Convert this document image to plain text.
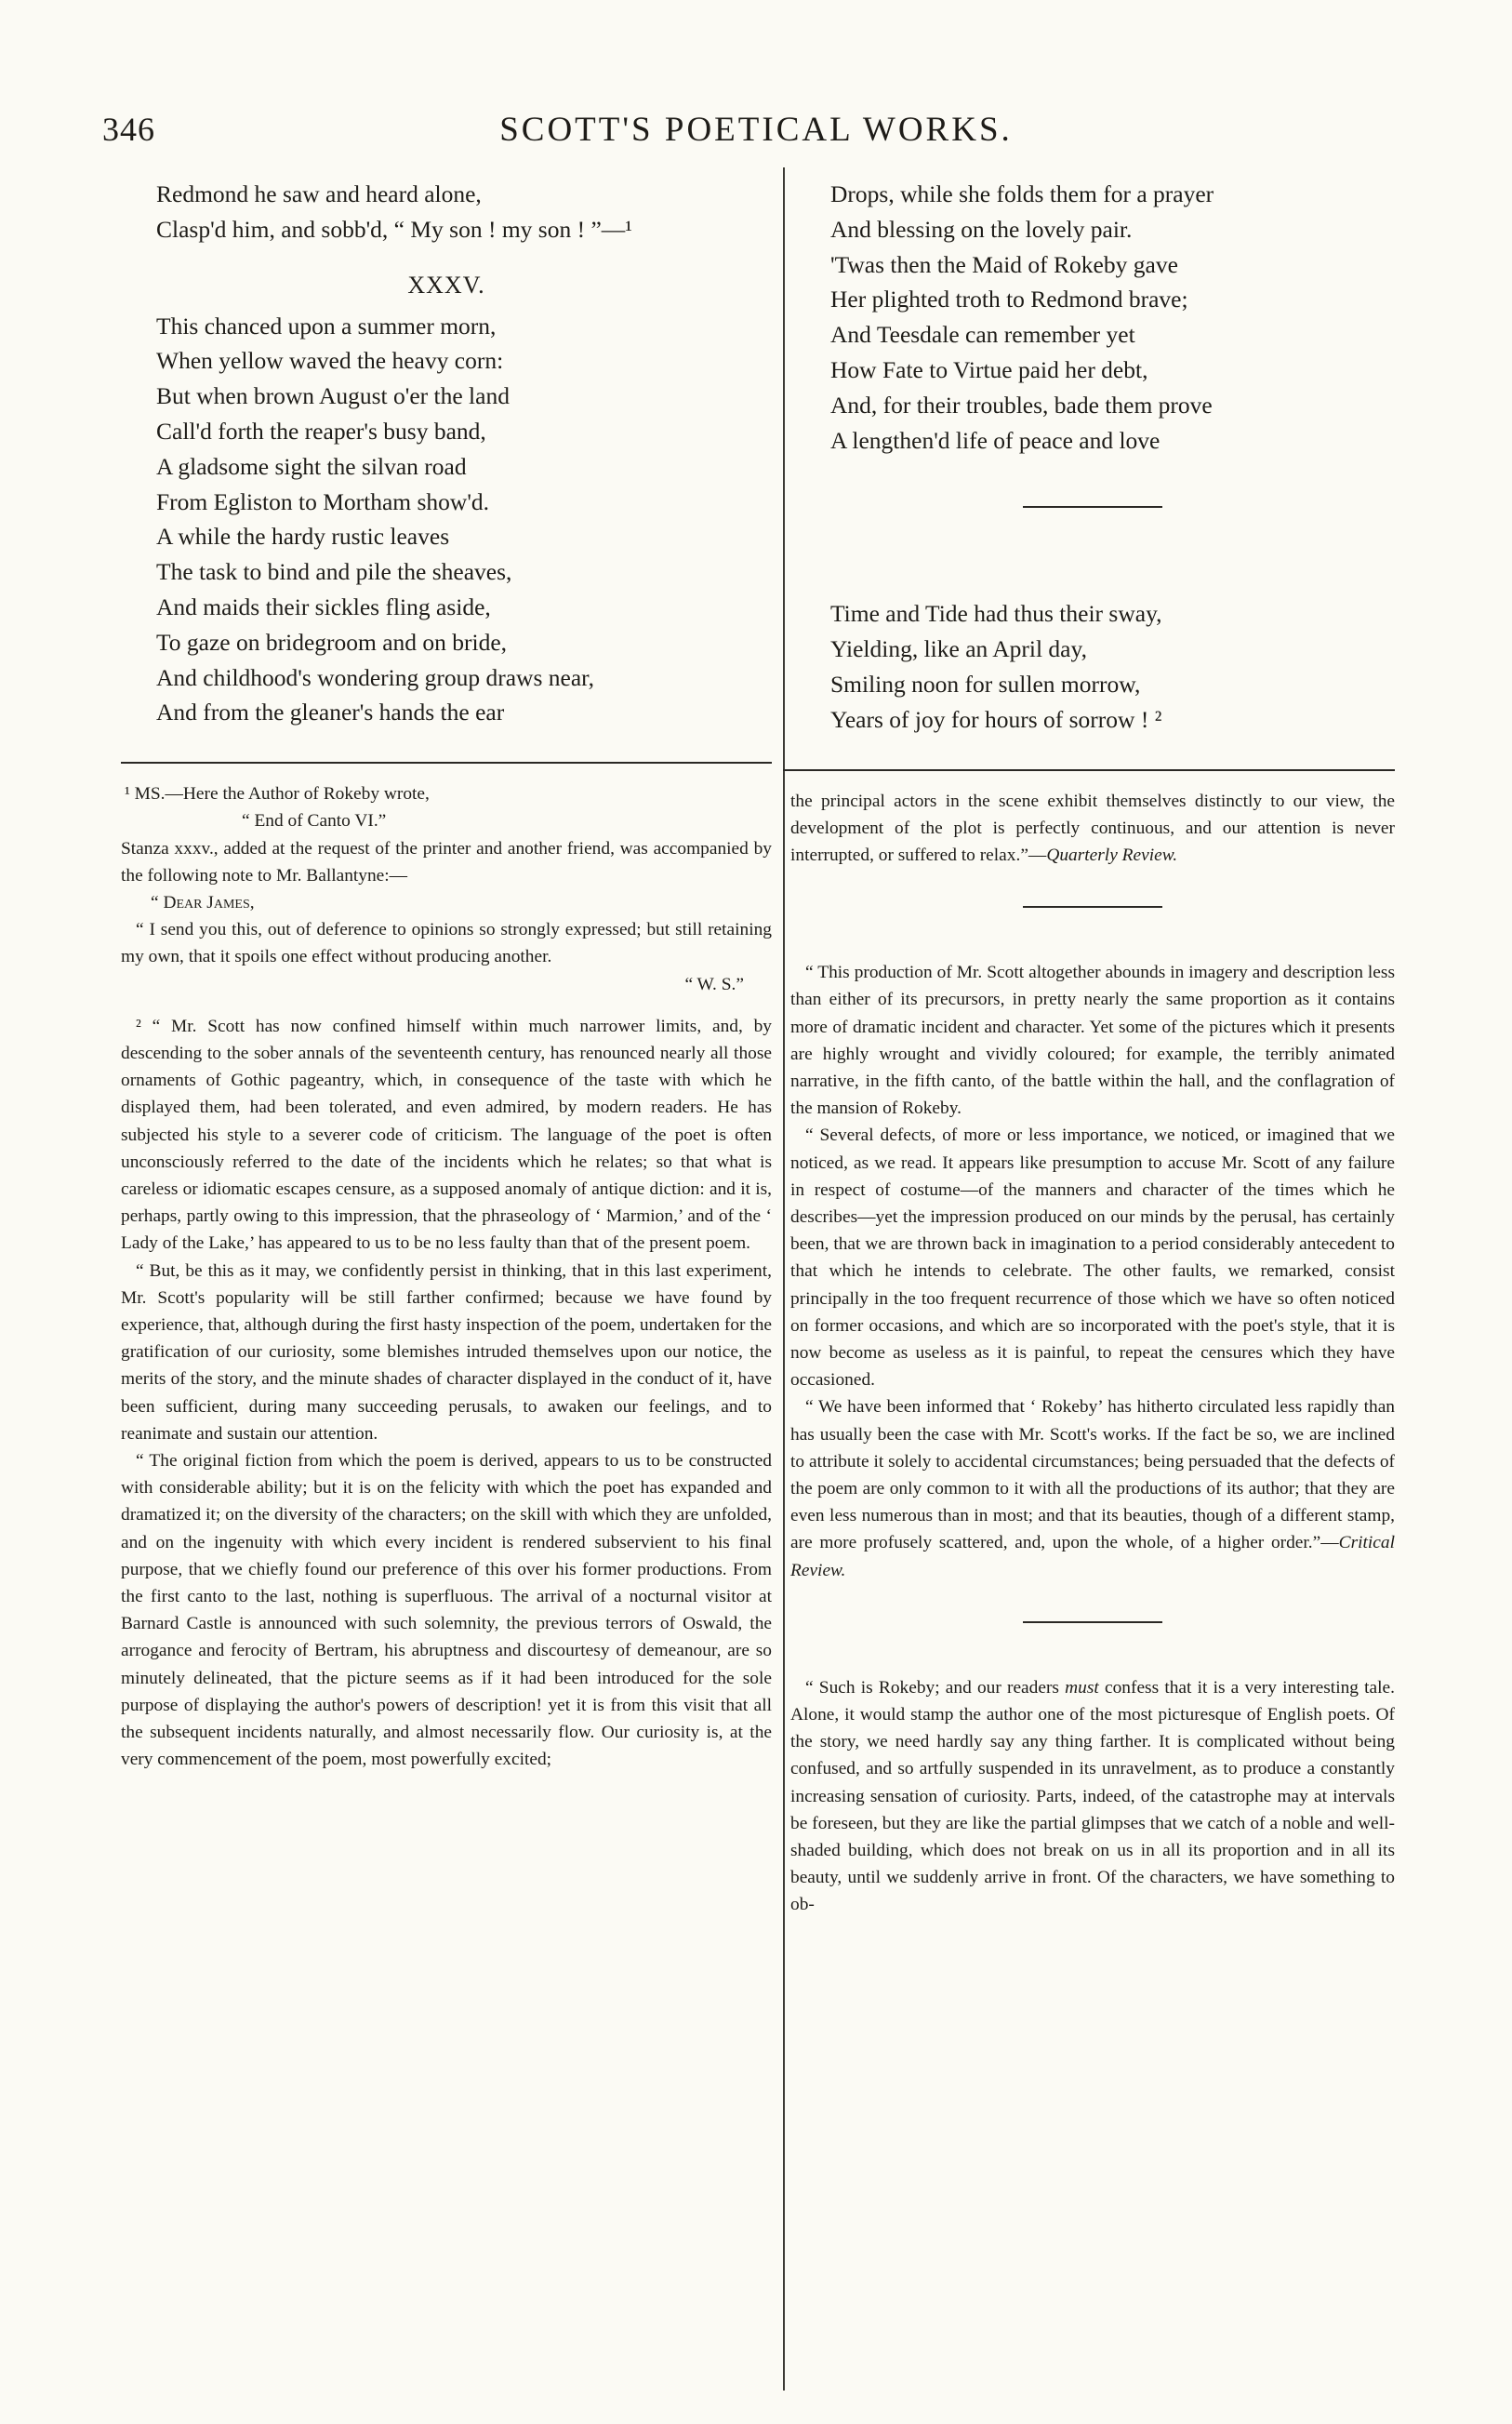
346	SCOTT'S POETICAL WORKS.
Redmond he saw and heard alone,
Clasp'd him, and sobb'd, “ My son ! my son ! ”—¹
XXXV.
This chanced upon a summer morn,
When yellow waved the heavy corn:
But when brown August o'er the land
Call'd forth the reaper's busy band,
A gladsome sight the silvan road
From Egliston to Mortham show'd.
A while the hardy rustic leaves
The task to bind and pile the sheaves,
And maids their sickles fling aside,
To gaze on bridegroom and on bride,
And childhood's wondering group draws near,
And from the gleaner's hands the ear

¹ MS.—Here the Author of Rokeby wrote,

“ End of Canto VI.”

Stanza xxxv., added at the request of the printer and another friend, was accompanied by the following note to Mr. Ballantyne:—

“ Dear James,

“ I send you this, out of deference to opinions so strongly expressed; but still retaining my own, that it spoils one effect without producing another.

“ W. S.”

² “ Mr. Scott has now confined himself within much narrower limits, and, by descending to the sober annals of the seventeenth century, has renounced nearly all those ornaments of Gothic pageantry, which, in consequence of the taste with which he displayed them, had been tolerated, and even admired, by modern readers. He has subjected his style to a severer code of criticism. The language of the poet is often unconsciously referred to the date of the incidents which he relates; so that what is careless or idiomatic escapes censure, as a supposed anomaly of antique diction: and it is, perhaps, partly owing to this impression, that the phraseology of ‘ Marmion,’ and of the ‘ Lady of the Lake,’ has appeared to us to be no less faulty than that of the present poem.

“ But, be this as it may, we confidently persist in thinking, that in this last experiment, Mr. Scott's popularity will be still farther confirmed; because we have found by experience, that, although during the first hasty inspection of the poem, undertaken for the gratification of our curiosity, some blemishes intruded themselves upon our notice, the merits of the story, and the minute shades of character displayed in the conduct of it, have been sufficient, during many succeeding perusals, to awaken our feelings, and to reanimate and sustain our attention.

“ The original fiction from which the poem is derived, appears to us to be constructed with considerable ability; but it is on the felicity with which the poet has expanded and dramatized it; on the diversity of the characters; on the skill with which they are unfolded, and on the ingenuity with which every incident is rendered subservient to his final purpose, that we chiefly found our preference of this over his former productions. From the first canto to the last, nothing is superfluous. The arrival of a nocturnal visitor at Barnard Castle is announced with such solemnity, the previous terrors of Oswald, the arrogance and ferocity of Bertram, his abruptness and discourtesy of demeanour, are so minutely delineated, that the picture seems as if it had been introduced for the sole purpose of displaying the author's powers of description! yet it is from this visit that all the subsequent incidents naturally, and almost necessarily flow. Our curiosity is, at the very commencement of the poem, most powerfully excited;

Drops, while she folds them for a prayer
And blessing on the lovely pair.
'Twas then the Maid of Rokeby gave
Her plighted troth to Redmond brave;
And Teesdale can remember yet
How Fate to Virtue paid her debt,
And, for their troubles, bade them prove
A lengthen'd life of peace and love
Time and Tide had thus their sway,
Yielding, like an April day,
Smiling noon for sullen morrow,
Years of joy for hours of sorrow ! ²

the principal actors in the scene exhibit themselves distinctly to our view, the development of the plot is perfectly continuous, and our attention is never interrupted, or suffered to relax.”—Quarterly Review.

“ This production of Mr. Scott altogether abounds in imagery and description less than either of its precursors, in pretty nearly the same proportion as it contains more of dramatic incident and character. Yet some of the pictures which it presents are highly wrought and vividly coloured; for example, the terribly animated narrative, in the fifth canto, of the battle within the hall, and the conflagration of the mansion of Rokeby.

“ Several defects, of more or less importance, we noticed, or imagined that we noticed, as we read. It appears like presumption to accuse Mr. Scott of any failure in respect of costume—of the manners and character of the times which he describes—yet the impression produced on our minds by the perusal, has certainly been, that we are thrown back in imagination to a period considerably antecedent to that which he intends to celebrate. The other faults, we remarked, consist principally in the too frequent recurrence of those which we have so often noticed on former occasions, and which are so incorporated with the poet's style, that it is now become as useless as it is painful, to repeat the censures which they have occasioned.

“ We have been informed that ‘ Rokeby’ has hitherto circulated less rapidly than has usually been the case with Mr. Scott's works. If the fact be so, we are inclined to attribute it solely to accidental circumstances; being persuaded that the defects of the poem are only common to it with all the productions of its author; that they are even less numerous than in most; and that its beauties, though of a different stamp, are more profusely scattered, and, upon the whole, of a higher order.”—Critical Review.

“ Such is Rokeby; and our readers must confess that it is a very interesting tale. Alone, it would stamp the author one of the most picturesque of English poets. Of the story, we need hardly say any thing farther. It is complicated without being confused, and so artfully suspended in its unravelment, as to produce a constantly increasing sensation of curiosity. Parts, indeed, of the catastrophe may at intervals be foreseen, but they are like the partial glimpses that we catch of a noble and well-shaded building, which does not break on us in all its proportion and in all its beauty, until we suddenly arrive in front. Of the characters, we have something to ob-
